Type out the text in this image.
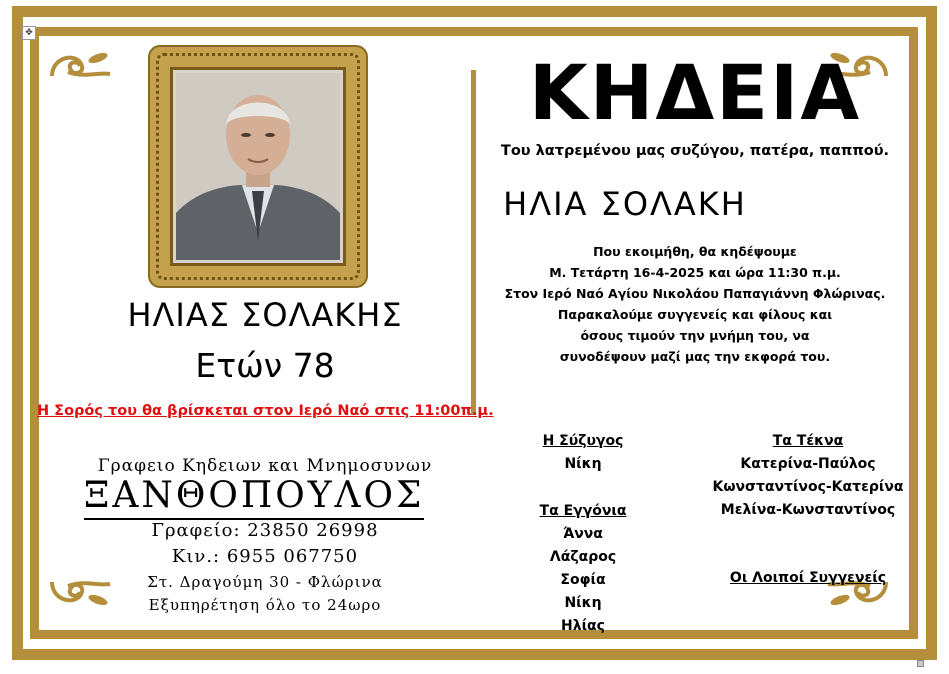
✥
ΗΛΙΑΣ ΣΟΛΑΚΗΣ
Ετών 78
Η Σορός του θα βρίσκεται στον Ιερό Ναό στις 11:00π.μ.
Γραφειο Κηδειων και Μνημοσυνων
ΞΑΝΘΟΠΟΥΛΟΣ
Γραφείο: 23850 26998
Κιν.: 6955 067750
Στ. Δραγούμη 30 - Φλώρινα
Εξυπηρέτηση όλο το 24ωρο
ΚΗΔΕΙΑ
Του λατρεμένου μας συζύγου, πατέρα, παππού.
ΗΛΙΑ ΣΟΛΑΚΗ
Που εκοιμήθη, θα κηδέψουμε
Μ. Τετάρτη 16-4-2025 και ώρα 11:30 π.μ.
Στον Ιερό Ναό Αγίου Νικολάου Παπαγιάννη Φλώρινας.
Παρακαλούμε συγγενείς και φίλους και
όσους τιμούν την μνήμη του, να
συνοδέψουν μαζί μας την εκφορά του.
Η Σύζυγος
Νίκη
Τα Εγγόνια
Άννα
Λάζαρος
Σοφία
Νίκη
Ηλίας
Τα Τέκνα
Κατερίνα-Παύλος
Κωνσταντίνος-Κατερίνα
Μελίνα-Κωνσταντίνος
Οι Λοιποί Συγγενείς
